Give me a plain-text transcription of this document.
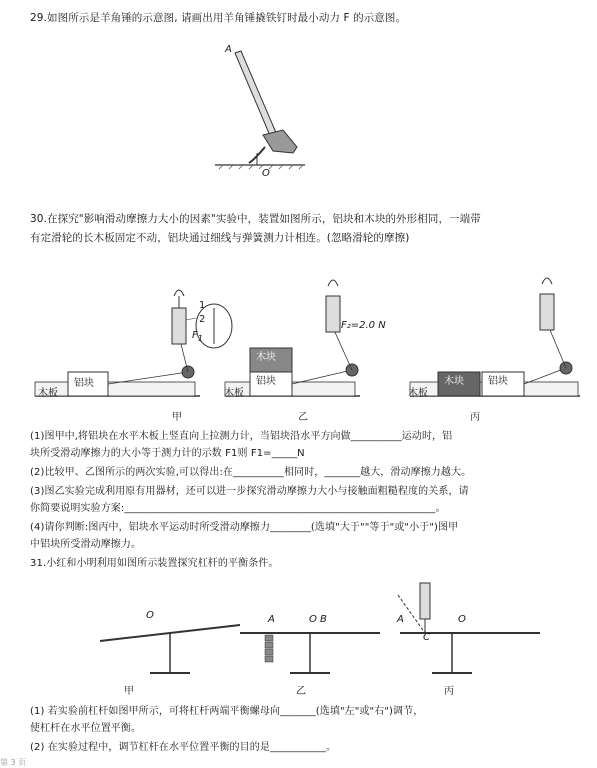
29.如图所示是羊角锤的示意图, 请画出用羊角锤撬铁钉时最小动力 F 的示意图。
A
O
30.在探究"影响滑动摩擦力大小的因素"实验中，装置如图所示，铝块和木块的外形相同，一端带
有定滑轮的长木板固定不动，铝块通过细线与弹簧测力计相连。(忽略滑轮的摩擦)
木板
铝块
$F_1$
1
2
木板
铝块
木块
F₂=2.0 N
木板
木块 铝块
甲	乙	丙
(1)图甲中,将铝块在水平木板上竖直向上拉测力计，当铝块沿水平方向做__________运动时，铝
块所受滑动摩擦力的大小等于测力计的示数 F1则 F1=_____N
(2)比较甲、乙图所示的两次实验,可以得出:在__________相同时，_______越大，滑动摩擦力越大。
(3)图乙实验完成利用原有用器材，还可以进一步探究滑动摩擦力大小与接触面粗糙程度的关系，请
你简要说明实验方案:_____________________________________________________________。
(4)请你判断:图丙中，铝块水平运动时所受滑动摩擦力________(选填"大于""等于"或"小于")图甲
中铝块所受滑动摩擦力。
31.小红和小明利用如图所示装置探究杠杆的平衡条件。
O	A	O B	A
C
O
甲	乙	丙
(1) 若实验前杠杆如图甲所示，可将杠杆两端平衡螺母向_______(选填"左"或"右")调节，
使杠杆在水平位置平衡。
(2) 在实验过程中，调节杠杆在水平位置平衡的目的是___________。
第 3 页
